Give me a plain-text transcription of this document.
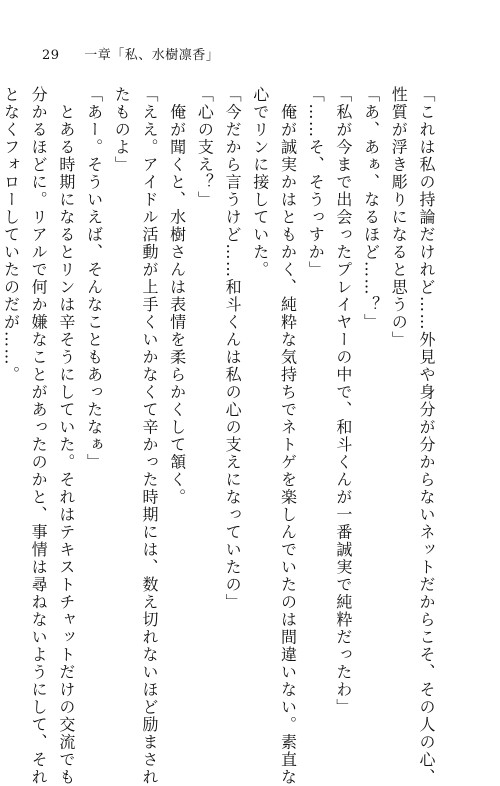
29 一章「私、水樹凛香」
「これは私の持論だけれど……外見や身分が分からないネットだからこそ、その人の心、
性質が浮き彫りになると思うの」
「あ、あぁ、なるほど……？」
「私が今まで出会ったプレイヤーの中で、和斗くんが一番誠実で純粋だったわ」
「……そ、そうっすか」
　俺が誠実かはともかく、純粋な気持ちでネトゲを楽しんでいたのは間違いない。素直な
心でリンに接していた。
「今だから言うけど……和斗くんは私の心の支えになっていたの」
「心の支え？」
　俺が聞くと、水樹さんは表情を柔らかくして頷く。
「ええ。アイドル活動が上手くいかなくて辛かった時期には、数え切れないほど励まされ
たものよ」
「あー。そういえば、そんなこともあったなぁ」
　とある時期になるとリンは辛そうにしていた。それはテキストチャットだけの交流でも
分かるほどに。リアルで何か嫌なことがあったのかと、事情は尋ねないようにして、それ
となくフォローしていたのだが……。
